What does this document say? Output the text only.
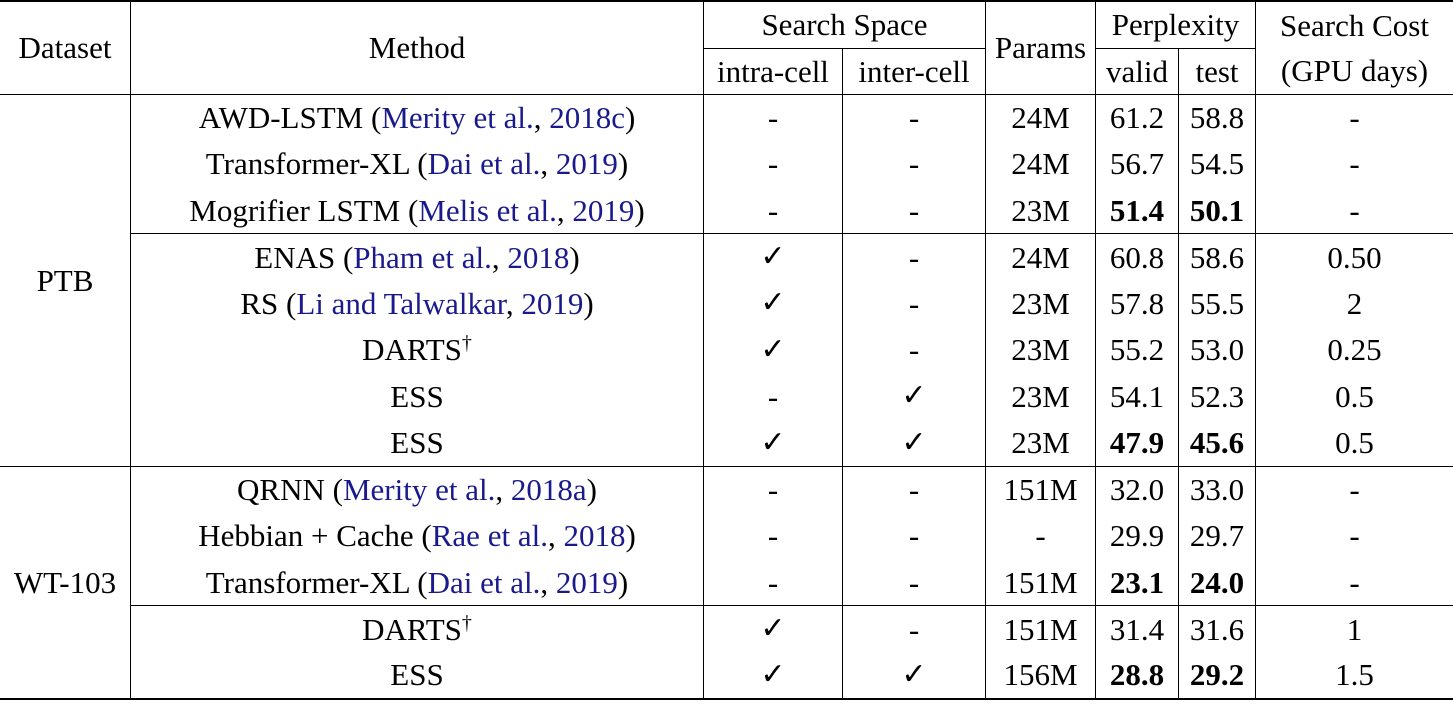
Dataset	Method	Search Space		Params	Perplexity		Search Cost
		intra-cell	inter-cell		valid	test	(GPU days)
PTB	AWD-LSTM (Merity et al., 2018c)	-	-	24M	61.2	58.8	-
	Transformer-XL (Dai et al., 2019)	-	-	24M	56.7	54.5	-
	Mogrifier LSTM (Melis et al., 2019)	-	-	23M	51.4	50.1	-
	ENAS (Pham et al., 2018)	✓	-	24M	60.8	58.6	0.50
	RS (Li and Talwalkar, 2019)	✓	-	23M	57.8	55.5	2
	DARTS†	✓	-	23M	55.2	53.0	0.25
	ESS	-	✓	23M	54.1	52.3	0.5
	ESS	✓	✓	23M	47.9	45.6	0.5
WT-103	QRNN (Merity et al., 2018a)	-	-	151M	32.0	33.0	-
	Hebbian + Cache (Rae et al., 2018)	-	-	-	29.9	29.7	-
	Transformer-XL (Dai et al., 2019)	-	-	151M	23.1	24.0	-
	DARTS†	✓	-	151M	31.4	31.6	1
	ESS	✓	✓	156M	28.8	29.2	1.5
